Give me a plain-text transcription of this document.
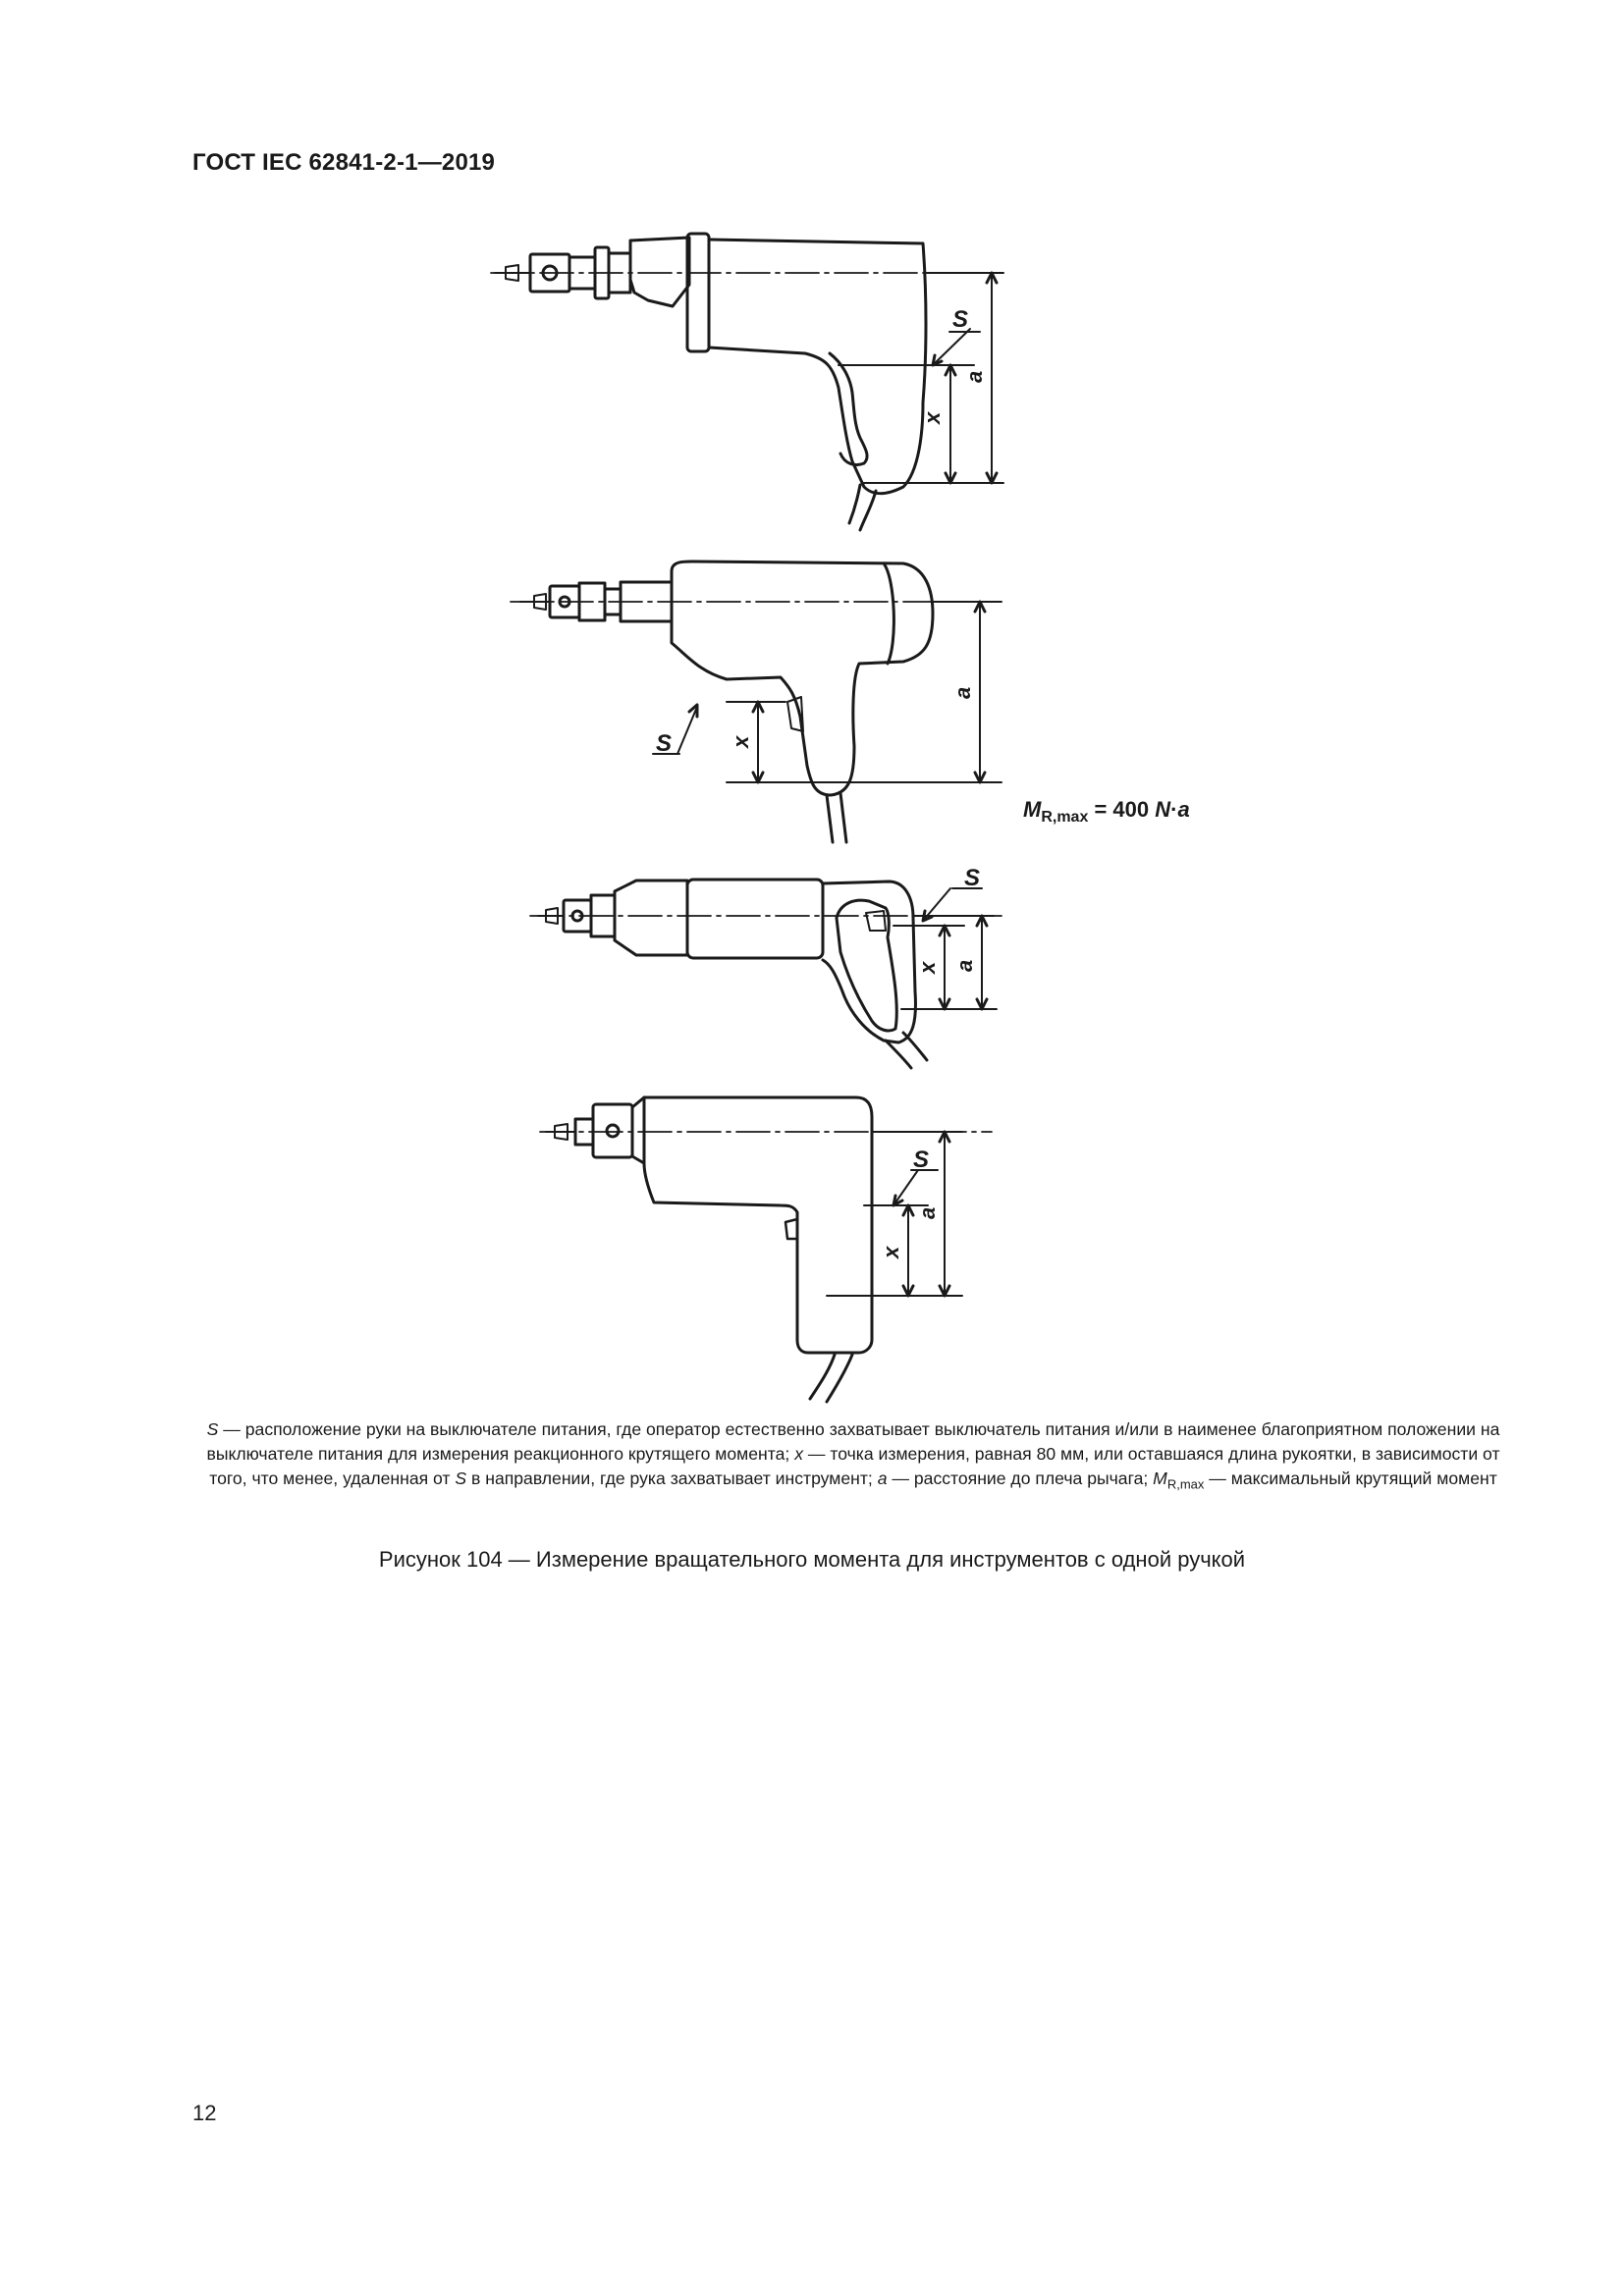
ГОСТ IEC 62841-2-1—2019
S
x
a
S	x
a
S
x a
S
x
a
$M_{R,max} = 400$ N·a
S — расположение руки на выключателе питания, где оператор естественно захватывает выключатель питания и/или в наименее благоприятном положении на выключателе питания для измерения реакционного крутящего момента; x — точка измерения, равная 80 мм, или оставшаяся длина рукоятки, в зависимости от того, что менее, удаленная от S в направлении, где рука захватывает инструмент; a — расстояние до плеча рычага; $M_{R,max}$ — максимальный крутящий момент
Рисунок 104 — Измерение вращательного момента для инструментов с одной ручкой
12
